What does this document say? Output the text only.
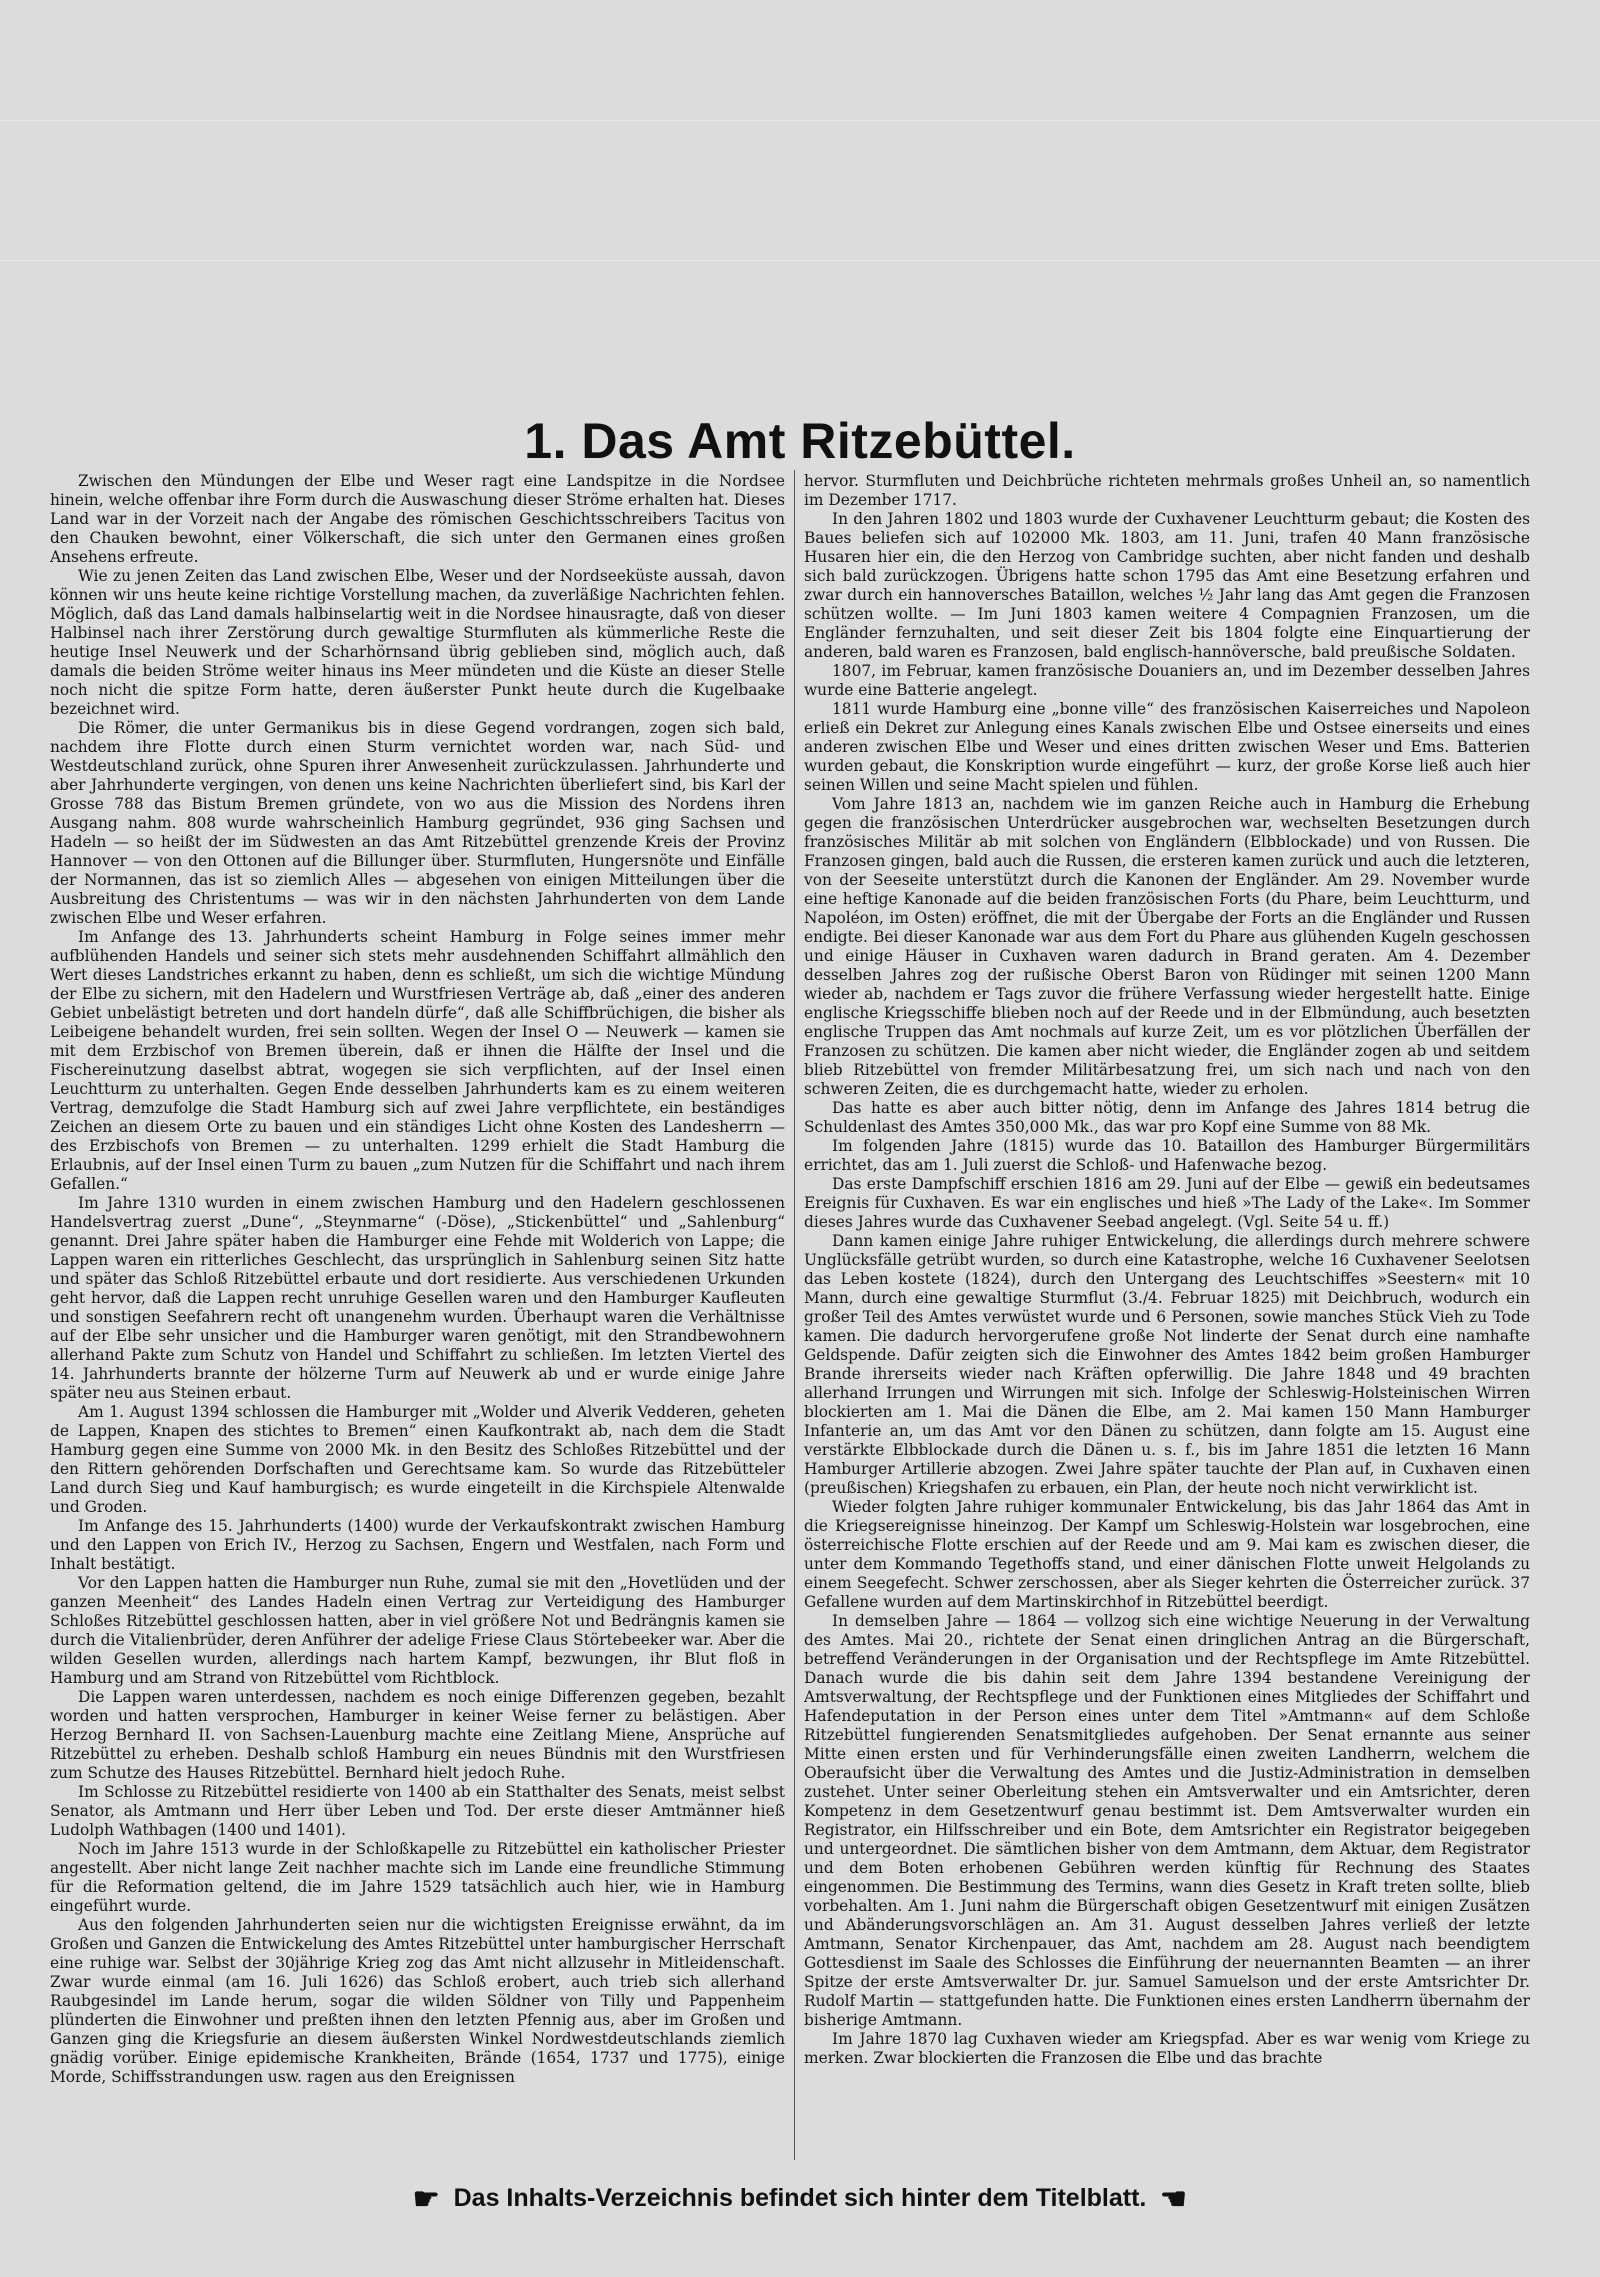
1. Das Amt Ritzebüttel.

Zwischen den Mündungen der Elbe und Weser ragt eine Landspitze in die Nordsee hinein, welche offenbar ihre Form durch die Auswaschung dieser Ströme erhalten hat. Dieses Land war in der Vorzeit nach der Angabe des römischen Geschichtsschreibers Tacitus von den Chauken bewohnt, einer Völkerschaft, die sich unter den Germanen eines großen Ansehens erfreute.

Wie zu jenen Zeiten das Land zwischen Elbe, Weser und der Nordseeküste aussah, davon können wir uns heute keine richtige Vorstellung machen, da zuverläßige Nachrichten fehlen. Möglich, daß das Land damals halbinselartig weit in die Nordsee hinausragte, daß von dieser Halbinsel nach ihrer Zerstörung durch gewaltige Sturmfluten als kümmerliche Reste die heutige Insel Neuwerk und der Scharhörnsand übrig geblieben sind, möglich auch, daß damals die beiden Ströme weiter hinaus ins Meer mündeten und die Küste an dieser Stelle noch nicht die spitze Form hatte, deren äußerster Punkt heute durch die Kugelbaake bezeichnet wird.

Die Römer, die unter Germanikus bis in diese Gegend vordrangen, zogen sich bald, nachdem ihre Flotte durch einen Sturm vernichtet worden war, nach Süd- und Westdeutschland zurück, ohne Spuren ihrer Anwesenheit zurückzulassen. Jahrhunderte und aber Jahrhunderte vergingen, von denen uns keine Nachrichten überliefert sind, bis Karl der Grosse 788 das Bistum Bremen gründete, von wo aus die Mission des Nordens ihren Ausgang nahm. 808 wurde wahrscheinlich Hamburg gegründet, 936 ging Sachsen und Hadeln — so heißt der im Südwesten an das Amt Ritzebüttel grenzende Kreis der Provinz Hannover — von den Ottonen auf die Billunger über. Sturmfluten, Hungersnöte und Einfälle der Normannen, das ist so ziemlich Alles — abgesehen von einigen Mitteilungen über die Ausbreitung des Christentums — was wir in den nächsten Jahrhunderten von dem Lande zwischen Elbe und Weser erfahren.

Im Anfange des 13. Jahrhunderts scheint Hamburg in Folge seines immer mehr aufblühenden Handels und seiner sich stets mehr ausdehnenden Schiffahrt allmählich den Wert dieses Landstriches erkannt zu haben, denn es schließt, um sich die wichtige Mündung der Elbe zu sichern, mit den Hadelern und Wurstfriesen Verträge ab, daß „einer des anderen Gebiet unbelästigt betreten und dort handeln dürfe“, daß alle Schiffbrüchigen, die bisher als Leibeigene behandelt wurden, frei sein sollten. Wegen der Insel O — Neuwerk — kamen sie mit dem Erzbischof von Bremen überein, daß er ihnen die Hälfte der Insel und die Fischereinutzung daselbst abtrat, wogegen sie sich verpflichten, auf der Insel einen Leuchtturm zu unterhalten. Gegen Ende desselben Jahrhunderts kam es zu einem weiteren Vertrag, demzufolge die Stadt Hamburg sich auf zwei Jahre verpflichtete, ein beständiges Zeichen an diesem Orte zu bauen und ein ständiges Licht ohne Kosten des Landesherrn — des Erzbischofs von Bremen — zu unterhalten. 1299 erhielt die Stadt Hamburg die Erlaubnis, auf der Insel einen Turm zu bauen „zum Nutzen für die Schiffahrt und nach ihrem Gefallen.“

Im Jahre 1310 wurden in einem zwischen Hamburg und den Hadelern geschlossenen Handelsvertrag zuerst „Dune“, „Steynmarne“ (-Döse), „Stickenbüttel“ und „Sahlenburg“ genannt. Drei Jahre später haben die Hamburger eine Fehde mit Wolderich von Lappe; die Lappen waren ein ritterliches Geschlecht, das ursprünglich in Sahlenburg seinen Sitz hatte und später das Schloß Ritzebüttel erbaute und dort residierte. Aus verschiedenen Urkunden geht hervor, daß die Lappen recht unruhige Gesellen waren und den Hamburger Kaufleuten und sonstigen Seefahrern recht oft unangenehm wurden. Überhaupt waren die Verhältnisse auf der Elbe sehr unsicher und die Hamburger waren genötigt, mit den Strandbewohnern allerhand Pakte zum Schutz von Handel und Schiffahrt zu schließen. Im letzten Viertel des 14. Jahrhunderts brannte der hölzerne Turm auf Neuwerk ab und er wurde einige Jahre später neu aus Steinen erbaut.

Am 1. August 1394 schlossen die Hamburger mit „Wolder und Alverik Vedderen, geheten de Lappen, Knapen des stichtes to Bremen“ einen Kaufkontrakt ab, nach dem die Stadt Hamburg gegen eine Summe von 2000 Mk. in den Besitz des Schloßes Ritzebüttel und der den Rittern gehörenden Dorfschaften und Gerechtsame kam. So wurde das Ritzebütteler Land durch Sieg und Kauf hamburgisch; es wurde eingeteilt in die Kirchspiele Altenwalde und Groden.

Im Anfange des 15. Jahrhunderts (1400) wurde der Verkaufskontrakt zwischen Hamburg und den Lappen von Erich IV., Herzog zu Sachsen, Engern und Westfalen, nach Form und Inhalt bestätigt.

Vor den Lappen hatten die Hamburger nun Ruhe, zumal sie mit den „Hovetlüden und der ganzen Meenheit“ des Landes Hadeln einen Vertrag zur Verteidigung des Hamburger Schloßes Ritzebüttel geschlossen hatten, aber in viel größere Not und Bedrängnis kamen sie durch die Vitalienbrüder, deren Anführer der adelige Friese Claus Störtebeeker war. Aber die wilden Gesellen wurden, allerdings nach hartem Kampf, bezwungen, ihr Blut floß in Hamburg und am Strand von Ritzebüttel vom Richtblock.

Die Lappen waren unterdessen, nachdem es noch einige Differenzen gegeben, bezahlt worden und hatten versprochen, Hamburger in keiner Weise ferner zu belästigen. Aber Herzog Bernhard II. von Sachsen-Lauenburg machte eine Zeitlang Miene, Ansprüche auf Ritzebüttel zu erheben. Deshalb schloß Hamburg ein neues Bündnis mit den Wurstfriesen zum Schutze des Hauses Ritzebüttel. Bernhard hielt jedoch Ruhe.

Im Schlosse zu Ritzebüttel residierte von 1400 ab ein Statthalter des Senats, meist selbst Senator, als Amtmann und Herr über Leben und Tod. Der erste dieser Amtmänner hieß Ludolph Wathbagen (1400 und 1401).

Noch im Jahre 1513 wurde in der Schloßkapelle zu Ritzebüttel ein katholischer Priester angestellt. Aber nicht lange Zeit nachher machte sich im Lande eine freundliche Stimmung für die Reformation geltend, die im Jahre 1529 tatsächlich auch hier, wie in Hamburg eingeführt wurde.

Aus den folgenden Jahrhunderten seien nur die wichtigsten Ereignisse erwähnt, da im Großen und Ganzen die Entwickelung des Amtes Ritzebüttel unter hamburgischer Herrschaft eine ruhige war. Selbst der 30jährige Krieg zog das Amt nicht allzusehr in Mitleidenschaft. Zwar wurde einmal (am 16. Juli 1626) das Schloß erobert, auch trieb sich allerhand Raubgesindel im Lande herum, sogar die wilden Söldner von Tilly und Pappenheim plünderten die Einwohner und preßten ihnen den letzten Pfennig aus, aber im Großen und Ganzen ging die Kriegsfurie an diesem äußersten Winkel Nordwestdeutschlands ziemlich gnädig vorüber. Einige epidemische Krankheiten, Brände (1654, 1737 und 1775), einige Morde, Schiffsstrandungen usw. ragen aus den Ereignissen

hervor. Sturmfluten und Deichbrüche richteten mehrmals großes Unheil an, so namentlich im Dezember 1717.

In den Jahren 1802 und 1803 wurde der Cuxhavener Leuchtturm gebaut; die Kosten des Baues beliefen sich auf 102000 Mk. 1803, am 11. Juni, trafen 40 Mann französische Husaren hier ein, die den Herzog von Cambridge suchten, aber nicht fanden und deshalb sich bald zurückzogen. Übrigens hatte schon 1795 das Amt eine Besetzung erfahren und zwar durch ein hannoversches Bataillon, welches ½ Jahr lang das Amt gegen die Franzosen schützen wollte. — Im Juni 1803 kamen weitere 4 Compagnien Franzosen, um die Engländer fernzuhalten, und seit dieser Zeit bis 1804 folgte eine Einquartierung der anderen, bald waren es Franzosen, bald englisch-hannöversche, bald preußische Soldaten.

1807, im Februar, kamen französische Douaniers an, und im Dezember desselben Jahres wurde eine Batterie angelegt.

1811 wurde Hamburg eine „bonne ville“ des französischen Kaiserreiches und Napoleon erließ ein Dekret zur Anlegung eines Kanals zwischen Elbe und Ostsee einerseits und eines anderen zwischen Elbe und Weser und eines dritten zwischen Weser und Ems. Batterien wurden gebaut, die Konskription wurde eingeführt — kurz, der große Korse ließ auch hier seinen Willen und seine Macht spielen und fühlen.

Vom Jahre 1813 an, nachdem wie im ganzen Reiche auch in Hamburg die Erhebung gegen die französischen Unterdrücker ausgebrochen war, wechselten Besetzungen durch französisches Militär ab mit solchen von Engländern (Elbblockade) und von Russen. Die Franzosen gingen, bald auch die Russen, die ersteren kamen zurück und auch die letzteren, von der Seeseite unterstützt durch die Kanonen der Engländer. Am 29. November wurde eine heftige Kanonade auf die beiden französischen Forts (du Phare, beim Leuchtturm, und Napoléon, im Osten) eröffnet, die mit der Übergabe der Forts an die Engländer und Russen endigte. Bei dieser Kanonade war aus dem Fort du Phare aus glühenden Kugeln geschossen und einige Häuser in Cuxhaven waren dadurch in Brand geraten. Am 4. Dezember desselben Jahres zog der rußische Oberst Baron von Rüdinger mit seinen 1200 Mann wieder ab, nachdem er Tags zuvor die frühere Verfassung wieder hergestellt hatte. Einige englische Kriegsschiffe blieben noch auf der Reede und in der Elbmündung, auch besetzten englische Truppen das Amt nochmals auf kurze Zeit, um es vor plötzlichen Überfällen der Franzosen zu schützen. Die kamen aber nicht wieder, die Engländer zogen ab und seitdem blieb Ritzebüttel von fremder Militärbesatzung frei, um sich nach und nach von den schweren Zeiten, die es durchgemacht hatte, wieder zu erholen.

Das hatte es aber auch bitter nötig, denn im Anfange des Jahres 1814 betrug die Schuldenlast des Amtes 350,000 Mk., das war pro Kopf eine Summe von 88 Mk.

Im folgenden Jahre (1815) wurde das 10. Bataillon des Hamburger Bürgermilitärs errichtet, das am 1. Juli zuerst die Schloß- und Hafenwache bezog.

Das erste Dampfschiff erschien 1816 am 29. Juni auf der Elbe — gewiß ein bedeutsames Ereignis für Cuxhaven. Es war ein englisches und hieß »The Lady of the Lake«. Im Sommer dieses Jahres wurde das Cuxhavener Seebad angelegt. (Vgl. Seite 54 u. ff.)

Dann kamen einige Jahre ruhiger Entwickelung, die allerdings durch mehrere schwere Unglücksfälle getrübt wurden, so durch eine Katastrophe, welche 16 Cuxhavener Seelotsen das Leben kostete (1824), durch den Untergang des Leuchtschiffes »Seestern« mit 10 Mann, durch eine gewaltige Sturmflut (3./4. Februar 1825) mit Deichbruch, wodurch ein großer Teil des Amtes verwüstet wurde und 6 Personen, sowie manches Stück Vieh zu Tode kamen. Die dadurch hervorgerufene große Not linderte der Senat durch eine namhafte Geldspende. Dafür zeigten sich die Einwohner des Amtes 1842 beim großen Hamburger Brande ihrerseits wieder nach Kräften opferwillig. Die Jahre 1848 und 49 brachten allerhand Irrungen und Wirrungen mit sich. Infolge der Schleswig-Holsteinischen Wirren blockierten am 1. Mai die Dänen die Elbe, am 2. Mai kamen 150 Mann Hamburger Infanterie an, um das Amt vor den Dänen zu schützen, dann folgte am 15. August eine verstärkte Elbblockade durch die Dänen u. s. f., bis im Jahre 1851 die letzten 16 Mann Hamburger Artillerie abzogen. Zwei Jahre später tauchte der Plan auf, in Cuxhaven einen (preußischen) Kriegshafen zu erbauen, ein Plan, der heute noch nicht verwirklicht ist.

Wieder folgten Jahre ruhiger kommunaler Entwickelung, bis das Jahr 1864 das Amt in die Kriegsereignisse hineinzog. Der Kampf um Schleswig-Holstein war losgebrochen, eine österreichische Flotte erschien auf der Reede und am 9. Mai kam es zwischen dieser, die unter dem Kommando Tegethoffs stand, und einer dänischen Flotte unweit Helgolands zu einem Seegefecht. Schwer zerschossen, aber als Sieger kehrten die Österreicher zurück. 37 Gefallene wurden auf dem Martinskirchhof in Ritzebüttel beerdigt.

In demselben Jahre — 1864 — vollzog sich eine wichtige Neuerung in der Verwaltung des Amtes. Mai 20., richtete der Senat einen dringlichen Antrag an die Bürgerschaft, betreffend Veränderungen in der Organisation und der Rechtspflege im Amte Ritzebüttel. Danach wurde die bis dahin seit dem Jahre 1394 bestandene Vereinigung der Amtsverwaltung, der Rechtspflege und der Funktionen eines Mitgliedes der Schiffahrt und Hafendeputation in der Person eines unter dem Titel »Amtmann« auf dem Schloße Ritzebüttel fungierenden Senatsmitgliedes aufgehoben. Der Senat ernannte aus seiner Mitte einen ersten und für Verhinderungsfälle einen zweiten Landherrn, welchem die Oberaufsicht über die Verwaltung des Amtes und die Justiz-Administration in demselben zustehet. Unter seiner Oberleitung stehen ein Amtsverwalter und ein Amtsrichter, deren Kompetenz in dem Gesetzentwurf genau bestimmt ist. Dem Amtsverwalter wurden ein Registrator, ein Hilfsschreiber und ein Bote, dem Amtsrichter ein Registrator beigegeben und untergeordnet. Die sämtlichen bisher von dem Amtmann, dem Aktuar, dem Registrator und dem Boten erhobenen Gebühren werden künftig für Rechnung des Staates eingenommen. Die Bestimmung des Termins, wann dies Gesetz in Kraft treten sollte, blieb vorbehalten. Am 1. Juni nahm die Bürgerschaft obigen Gesetzentwurf mit einigen Zusätzen und Abänderungsvorschlägen an. Am 31. August desselben Jahres verließ der letzte Amtmann, Senator Kirchenpauer, das Amt, nachdem am 28. August nach beendigtem Gottesdienst im Saale des Schlosses die Einführung der neuernannten Beamten — an ihrer Spitze der erste Amtsverwalter Dr. jur. Samuel Samuelson und der erste Amtsrichter Dr. Rudolf Martin — stattgefunden hatte. Die Funktionen eines ersten Landherrn übernahm der bisherige Amtmann.

Im Jahre 1870 lag Cuxhaven wieder am Kriegspfad. Aber es war wenig vom Kriege zu merken. Zwar blockierten die Franzosen die Elbe und das brachte

☛ Das Inhalts-Verzeichnis befindet sich hinter dem Titelblatt. ☛
